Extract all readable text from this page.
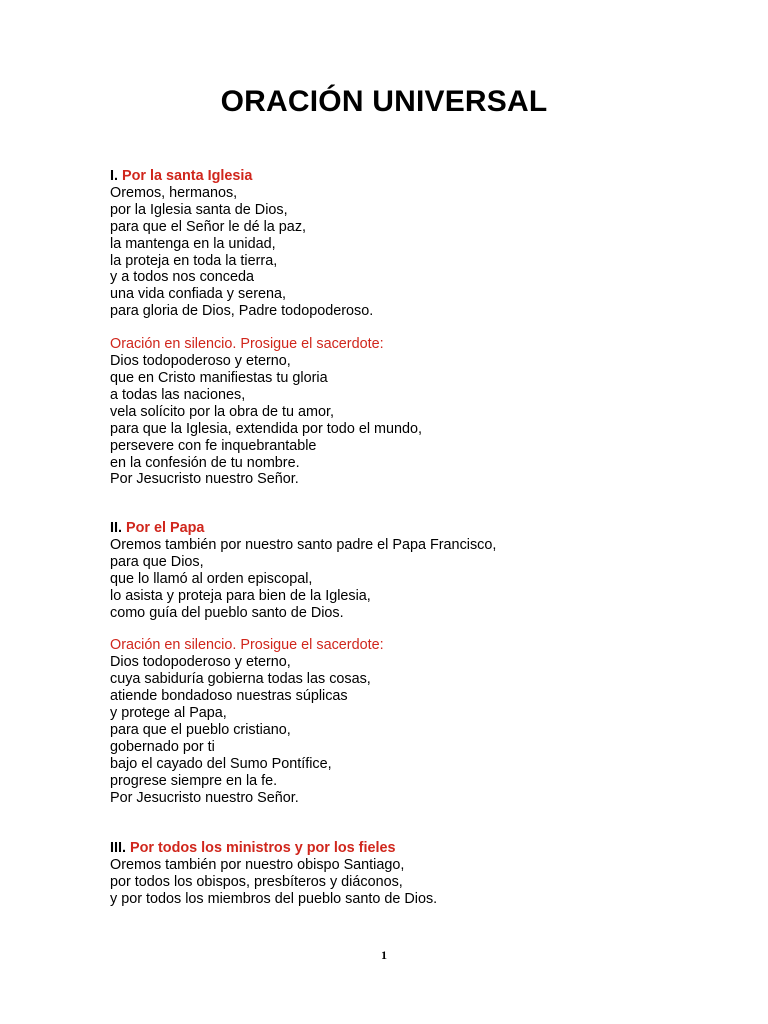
ORACIÓN UNIVERSAL
I. Por la santa Iglesia
Oremos, hermanos,
por la Iglesia santa de Dios,
para que el Señor le dé la paz,
la mantenga en la unidad,
la proteja en toda la tierra,
y a todos nos conceda
una vida confiada y serena,
para gloria de Dios, Padre todopoderoso.
Oración en silencio. Prosigue el sacerdote:
Dios todopoderoso y eterno,
que en Cristo manifiestas tu gloria
a todas las naciones,
vela solícito por la obra de tu amor,
para que la Iglesia, extendida por todo el mundo,
persevere con fe inquebrantable
en la confesión de tu nombre.
Por Jesucristo nuestro Señor.
II. Por el Papa
Oremos también por nuestro santo padre el Papa Francisco,
para que Dios,
que lo llamó al orden episcopal,
lo asista y proteja para bien de la Iglesia,
como guía del pueblo santo de Dios.
Oración en silencio. Prosigue el sacerdote:
Dios todopoderoso y eterno,
cuya sabiduría gobierna todas las cosas,
atiende bondadoso nuestras súplicas
y protege al Papa,
para que el pueblo cristiano,
gobernado por ti
bajo el cayado del Sumo Pontífice,
progrese siempre en la fe.
Por Jesucristo nuestro Señor.
III. Por todos los ministros y por los fieles
Oremos también por nuestro obispo Santiago,
por todos los obispos, presbíteros y diáconos,
y por todos los miembros del pueblo santo de Dios.
1
